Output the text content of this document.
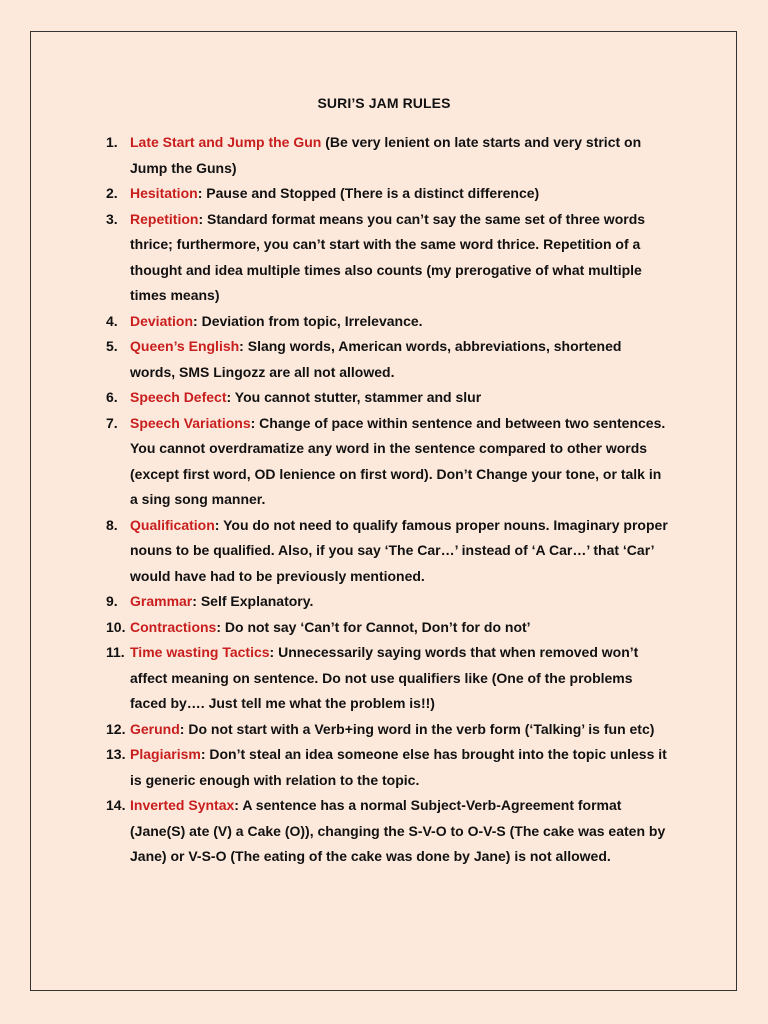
SURI’S JAM RULES
1. Late Start and Jump the Gun (Be very lenient on late starts and very strict on Jump the Guns)
2. Hesitation: Pause and Stopped (There is a distinct difference)
3. Repetition: Standard format means you can’t say the same set of three words thrice; furthermore, you can’t start with the same word thrice. Repetition of a thought and idea multiple times also counts (my prerogative of what multiple times means)
4. Deviation: Deviation from topic, Irrelevance.
5. Queen’s English: Slang words, American words, abbreviations, shortened words, SMS Lingozz are all not allowed.
6. Speech Defect: You cannot stutter, stammer and slur
7. Speech Variations: Change of pace within sentence and between two sentences. You cannot overdramatize any word in the sentence compared to other words (except first word, OD lenience on first word). Don’t Change your tone, or talk in a sing song manner.
8. Qualification: You do not need to qualify famous proper nouns. Imaginary proper nouns to be qualified. Also, if you say ‘The Car…’ instead of ‘A Car…’ that ‘Car’ would have had to be previously mentioned.
9. Grammar: Self Explanatory.
10. Contractions: Do not say ‘Can’t for Cannot, Don’t for do not’
11. Time wasting Tactics: Unnecessarily saying words that when removed won’t affect meaning on sentence. Do not use qualifiers like (One of the problems faced by…. Just tell me what the problem is!!)
12. Gerund: Do not start with a Verb+ing word in the verb form (‘Talking’ is fun etc)
13. Plagiarism: Don’t steal an idea someone else has brought into the topic unless it is generic enough with relation to the topic.
14. Inverted Syntax: A sentence has a normal Subject-Verb-Agreement format (Jane(S) ate (V) a Cake (O)), changing the S-V-O to O-V-S (The cake was eaten by Jane) or V-S-O (The eating of the cake was done by Jane) is not allowed.
